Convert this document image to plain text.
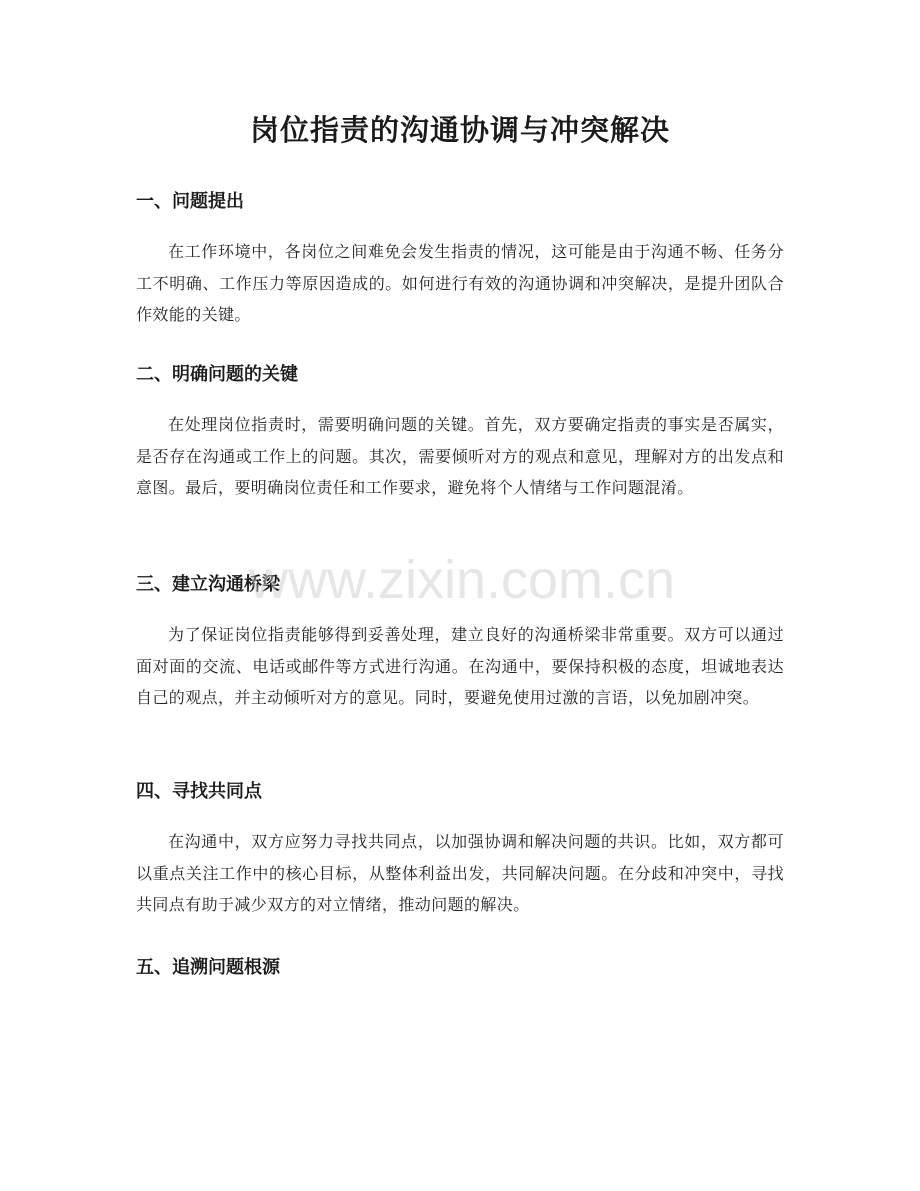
岗位指责的沟通协调与冲突解决
一、问题提出

在工作环境中，各岗位之间难免会发生指责的情况，这可能是由于沟通不畅、任务分工不明确、工作压力等原因造成的。如何进行有效的沟通协调和冲突解决，是提升团队合作效能的关键。

二、明确问题的关键

在处理岗位指责时，需要明确问题的关键。首先，双方要确定指责的事实是否属实，是否存在沟通或工作上的问题。其次，需要倾听对方的观点和意见，理解对方的出发点和意图。最后，要明确岗位责任和工作要求，避免将个人情绪与工作问题混淆。

三、建立沟通桥梁

为了保证岗位指责能够得到妥善处理，建立良好的沟通桥梁非常重要。双方可以通过面对面的交流、电话或邮件等方式进行沟通。在沟通中，要保持积极的态度，坦诚地表达自己的观点，并主动倾听对方的意见。同时，要避免使用过激的言语，以免加剧冲突。

四、寻找共同点

在沟通中，双方应努力寻找共同点，以加强协调和解决问题的共识。比如，双方都可以重点关注工作中的核心目标，从整体利益出发，共同解决问题。在分歧和冲突中，寻找共同点有助于减少双方的对立情绪，推动问题的解决。

五、追溯问题根源
www.zixin.com.cn
